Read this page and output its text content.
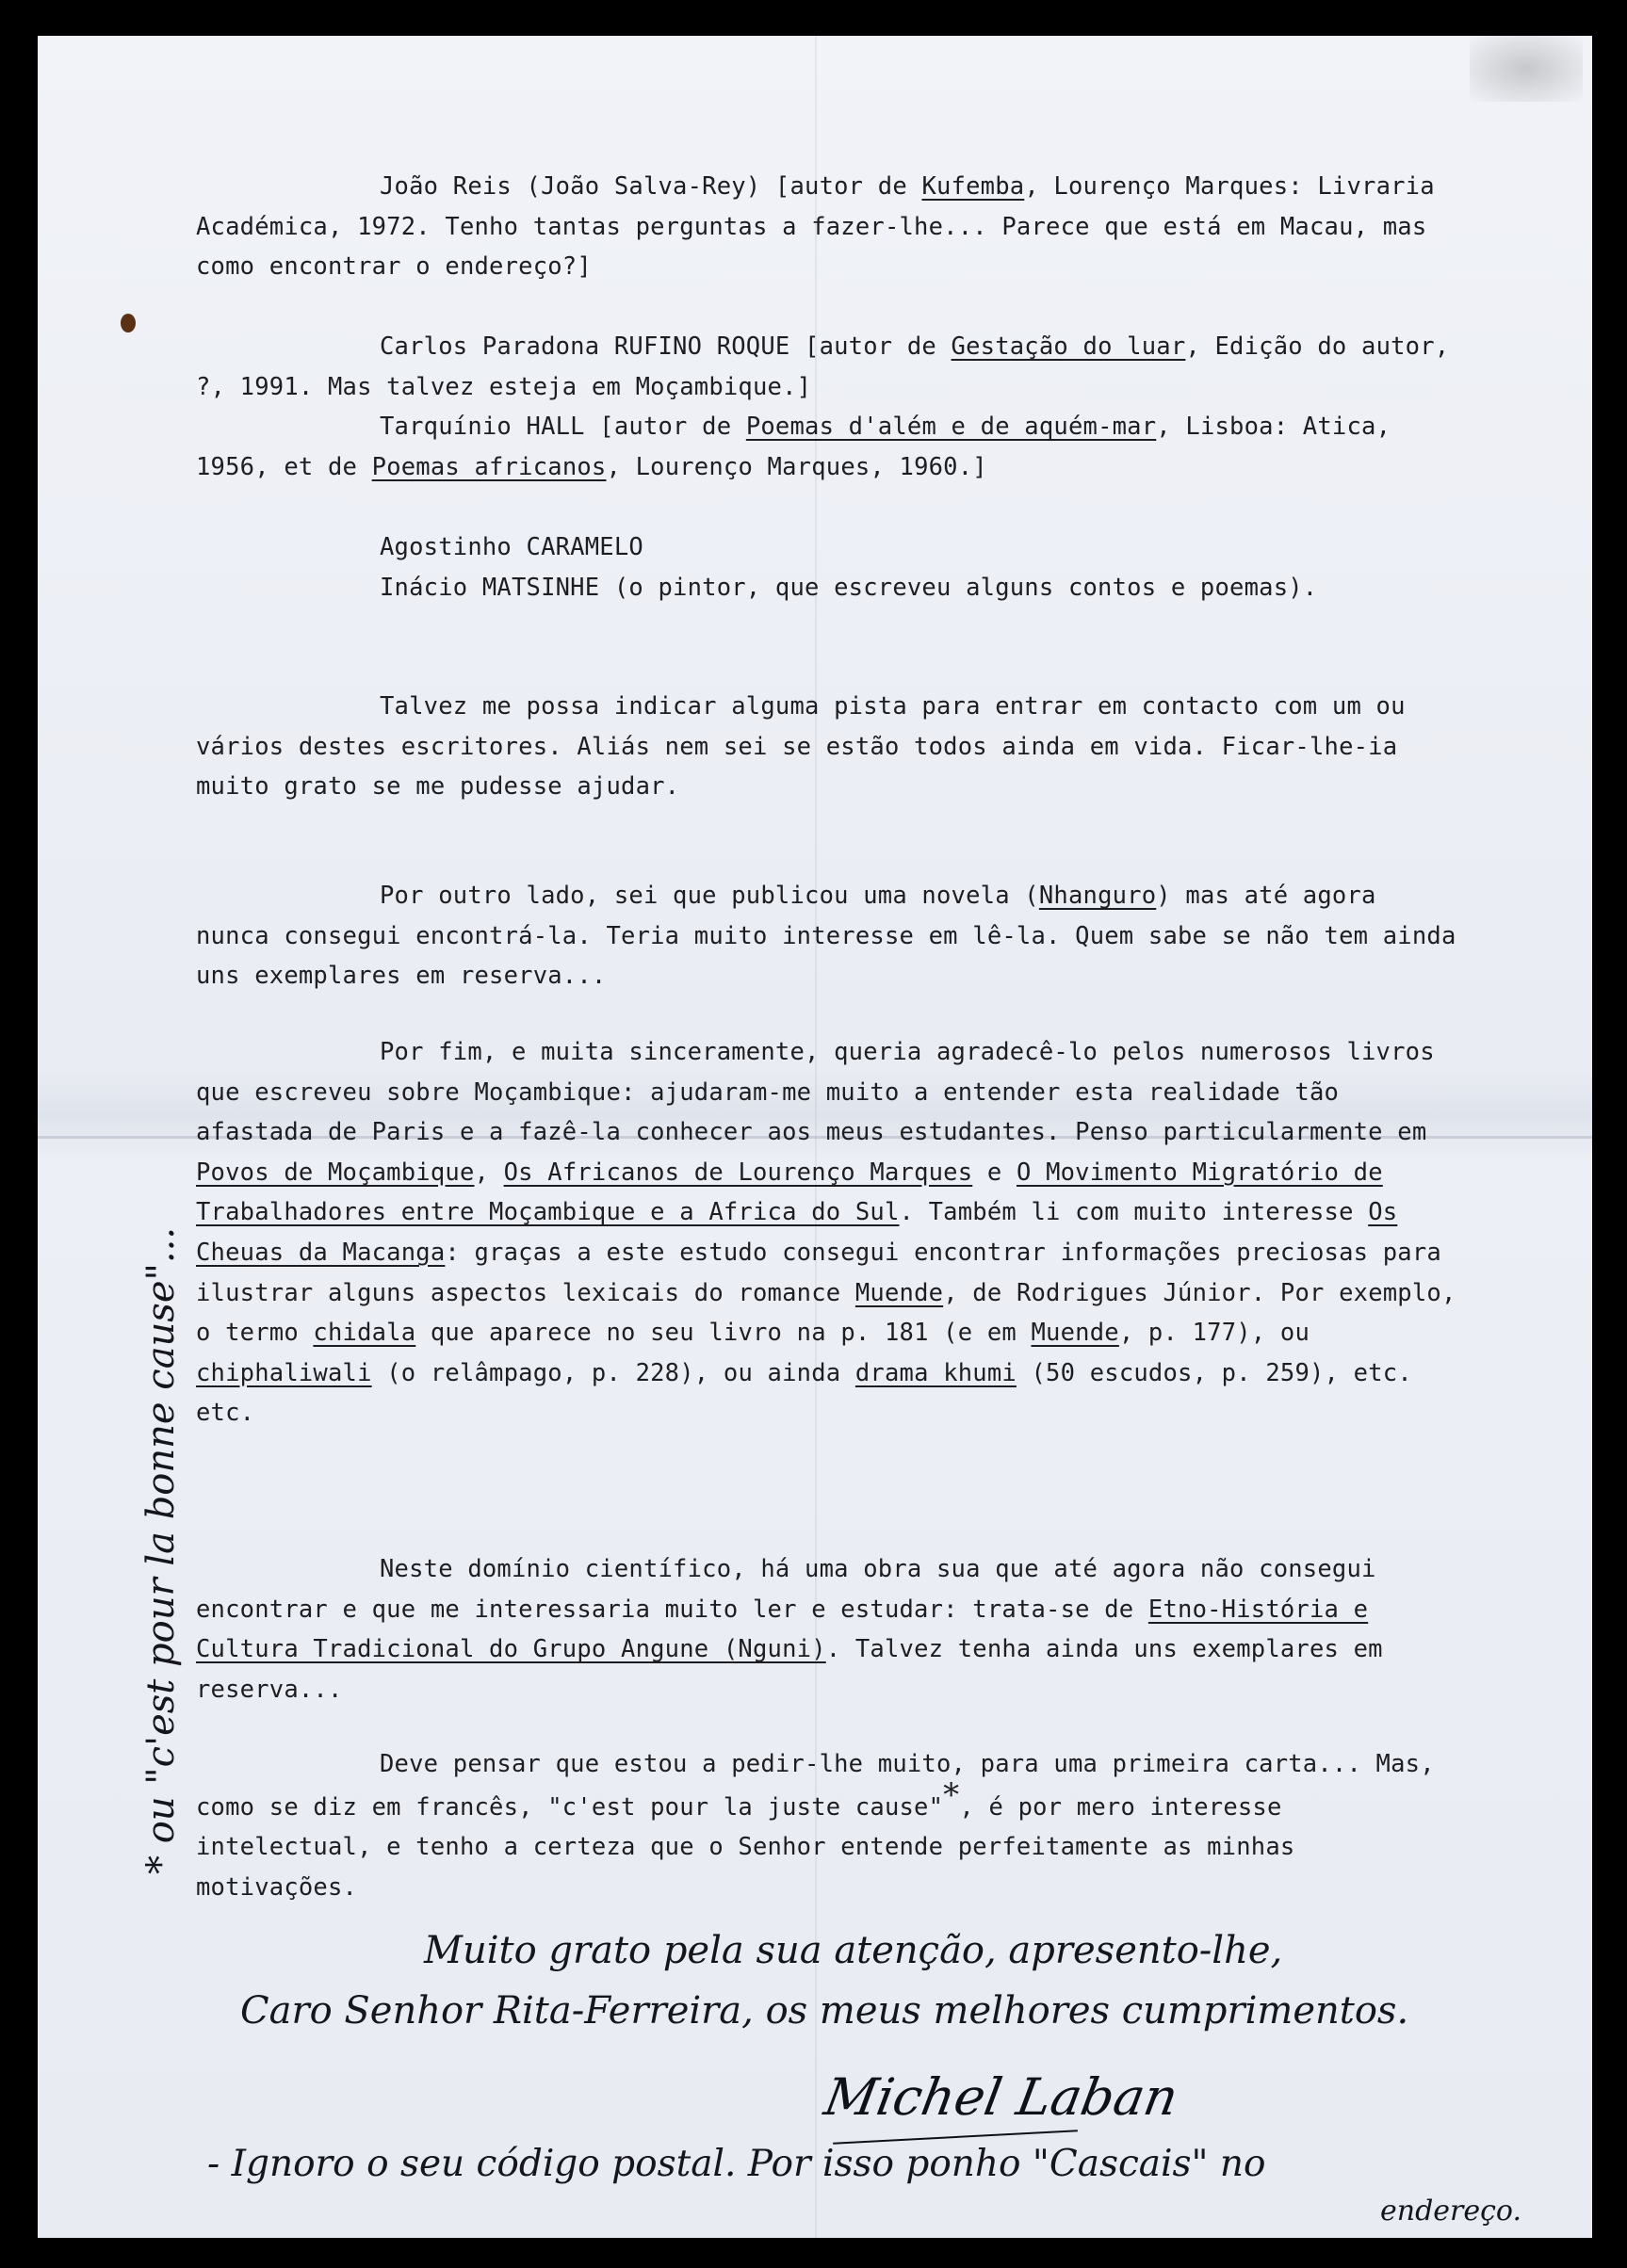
João Reis (João Salva-Rey) [autor de Kufemba, Lourenço Marques: Livraria Académica, 1972. Tenho tantas perguntas a fazer-lhe... Parece que está em Macau, mas como encontrar o endereço?]

Carlos Paradona RUFINO ROQUE [autor de Gestação do luar, Edição do autor, ?, 1991. Mas talvez esteja em Moçambique.]

Tarquínio HALL [autor de Poemas d'além e de aquém-mar, Lisboa: Atica, 1956, et de Poemas africanos, Lourenço Marques, 1960.]

Agostinho CARAMELO

Inácio MATSINHE (o pintor, que escreveu alguns contos e poemas).

Talvez me possa indicar alguma pista para entrar em contacto com um ou vários destes escritores. Aliás nem sei se estão todos ainda em vida. Ficar-lhe-ia muito grato se me pudesse ajudar.

Por outro lado, sei que publicou uma novela (Nhanguro) mas até agora nunca consegui encontrá-la. Teria muito interesse em lê-la. Quem sabe se não tem ainda uns exemplares em reserva...

Por fim, e muita sinceramente, queria agradecê-lo pelos numerosos livros que escreveu sobre Moçambique: ajudaram-me muito a entender esta realidade tão afastada de Paris e a fazê-la conhecer aos meus estudantes. Penso particularmente em Povos de Moçambique, Os Africanos de Lourenço Marques e O Movimento Migratório de Trabalhadores entre Moçambique e a Africa do Sul. Também li com muito interesse Os Cheuas da Macanga: graças a este estudo consegui encontrar informações preciosas para ilustrar alguns aspectos lexicais do romance Muende, de Rodrigues Júnior. Por exemplo, o termo chidala que aparece no seu livro na p. 181 (e em Muende, p. 177), ou chiphaliwali (o relâmpago, p. 228), ou ainda drama khumi (50 escudos, p. 259), etc. etc.

Neste domínio científico, há uma obra sua que até agora não consegui encontrar e que me interessaria muito ler e estudar: trata-se de Etno-História e Cultura Tradicional do Grupo Angune (Nguni). Talvez tenha ainda uns exemplares em reserva...

Deve pensar que estou a pedir-lhe muito, para uma primeira carta... Mas, como se diz em francês, "c'est pour la juste cause"*, é por mero interesse intelectual, e tenho a certeza que o Senhor entende perfeitamente as minhas motivações.

Muito grato pela sua atenção, apresento-lhe,
Caro Senhor Rita-Ferreira, os meus melhores cumprimentos.
Michel Laban
- Ignoro o seu código postal. Por isso ponho "Cascais" no
endereço.
* ou "c'est pour la bonne cause"...
